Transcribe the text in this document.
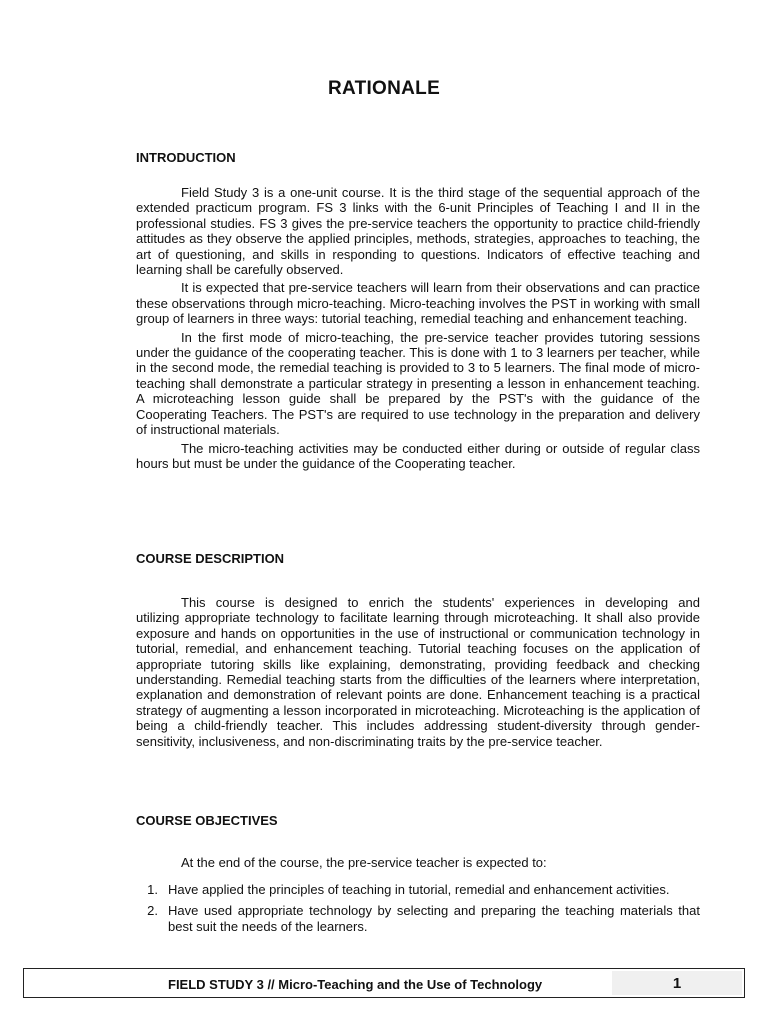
RATIONALE

INTRODUCTION

Field Study 3 is a one-unit course. It is the third stage of the sequential approach of the extended practicum program. FS 3 links with the 6-unit Principles of Teaching I and II in the professional studies. FS 3 gives the pre-service teachers the opportunity to practice child-friendly attitudes as they observe the applied principles, methods, strategies, approaches to teaching, the art of questioning, and skills in responding to questions. Indicators of effective teaching and learning shall be carefully observed.

It is expected that pre-service teachers will learn from their observations and can practice these observations through micro-teaching. Micro-teaching involves the PST in working with small group of learners in three ways: tutorial teaching, remedial teaching and enhancement teaching.

In the first mode of micro-teaching, the pre-service teacher provides tutoring sessions under the guidance of the cooperating teacher. This is done with 1 to 3 learners per teacher, while in the second mode, the remedial teaching is provided to 3 to 5 learners. The final mode of micro-teaching shall demonstrate a particular strategy in presenting a lesson in enhancement teaching. A microteaching lesson guide shall be prepared by the PST's with the guidance of the Cooperating Teachers. The PST's are required to use technology in the preparation and delivery of instructional materials.

The micro-teaching activities may be conducted either during or outside of regular class hours but must be under the guidance of the Cooperating teacher.

COURSE DESCRIPTION

This course is designed to enrich the students' experiences in developing and

utilizing appropriate technology to facilitate learning through microteaching. It shall also provide exposure and hands on opportunities in the use of instructional or communication technology in tutorial, remedial, and enhancement teaching. Tutorial teaching focuses on the application of appropriate tutoring skills like explaining, demonstrating, providing feedback and checking understanding. Remedial teaching starts from the difficulties of the learners where interpretation, explanation and demonstration of relevant points are done. Enhancement teaching is a practical strategy of augmenting a lesson incorporated in microteaching. Microteaching is the application of being a child-friendly teacher. This includes addressing student-diversity through gender-sensitivity, inclusiveness, and non-discriminating traits by the pre-service teacher.

COURSE OBJECTIVES

At the end of the course, the pre-service teacher is expected to:

1. Have applied the principles of teaching in tutorial, remedial and enhancement activities.
2. Have used appropriate technology by selecting and preparing the teaching materials that best suit the needs of the learners.
FIELD STUDY 3 // Micro-Teaching and the Use of Technology	1
